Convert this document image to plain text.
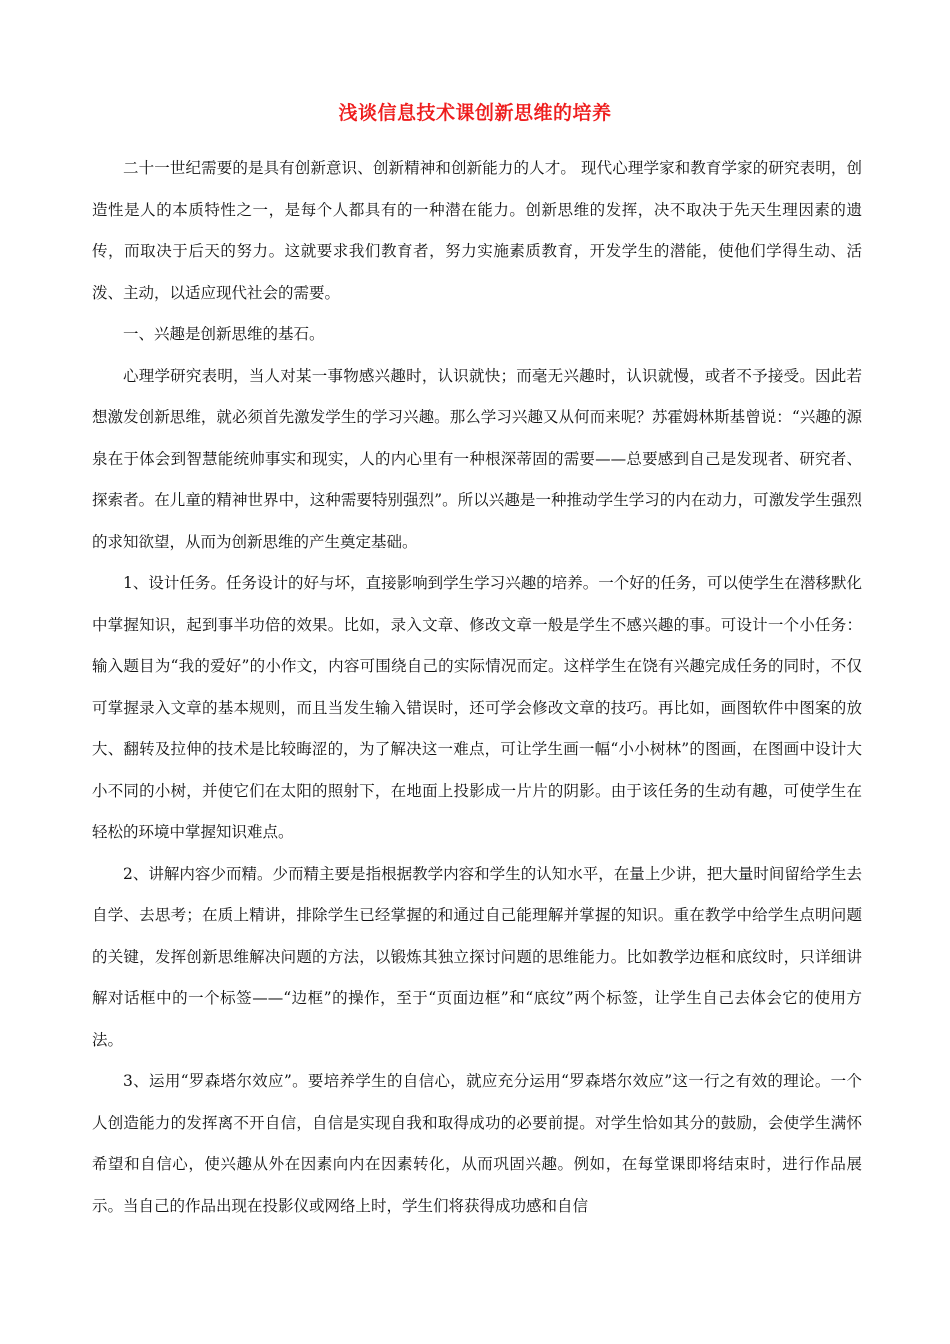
浅谈信息技术课创新思维的培养

二十一世纪需要的是具有创新意识、创新精神和创新能力的人才。 现代心理学家和教育学家的研究表明，创造性是人的本质特性之一，是每个人都具有的一种潜在能力。创新思维的发挥，决不取决于先天生理因素的遗传，而取决于后天的努力。这就要求我们教育者，努力实施素质教育，开发学生的潜能，使他们学得生动、活泼、主动，以适应现代社会的需要。

一、兴趣是创新思维的基石。

心理学研究表明，当人对某一事物感兴趣时，认识就快；而毫无兴趣时，认识就慢，或者不予接受。因此若想激发创新思维，就必须首先激发学生的学习兴趣。那么学习兴趣又从何而来呢？苏霍姆林斯基曾说：“兴趣的源泉在于体会到智慧能统帅事实和现实，人的内心里有一种根深蒂固的需要——总要感到自己是发现者、研究者、探索者。在儿童的精神世界中，这种需要特别强烈”。所以兴趣是一种推动学生学习的内在动力，可激发学生强烈的求知欲望，从而为创新思维的产生奠定基础。

1、设计任务。任务设计的好与坏，直接影响到学生学习兴趣的培养。一个好的任务，可以使学生在潜移默化中掌握知识，起到事半功倍的效果。比如，录入文章、修改文章一般是学生不感兴趣的事。可设计一个小任务：输入题目为“我的爱好”的小作文，内容可围绕自己的实际情况而定。这样学生在饶有兴趣完成任务的同时，不仅可掌握录入文章的基本规则，而且当发生输入错误时，还可学会修改文章的技巧。再比如，画图软件中图案的放大、翻转及拉伸的技术是比较晦涩的，为了解决这一难点，可让学生画一幅“小小树林”的图画，在图画中设计大小不同的小树，并使它们在太阳的照射下，在地面上投影成一片片的阴影。由于该任务的生动有趣，可使学生在轻松的环境中掌握知识难点。

2、讲解内容少而精。少而精主要是指根据教学内容和学生的认知水平，在量上少讲，把大量时间留给学生去自学、去思考；在质上精讲，排除学生已经掌握的和通过自己能理解并掌握的知识。重在教学中给学生点明问题的关键，发挥创新思维解决问题的方法，以锻炼其独立探讨问题的思维能力。比如教学边框和底纹时，只详细讲解对话框中的一个标签——“边框”的操作，至于“页面边框”和“底纹”两个标签，让学生自己去体会它的使用方法。

3、运用“罗森塔尔效应”。要培养学生的自信心，就应充分运用“罗森塔尔效应”这一行之有效的理论。一个人创造能力的发挥离不开自信，自信是实现自我和取得成功的必要前提。对学生恰如其分的鼓励，会使学生满怀希望和自信心，使兴趣从外在因素向内在因素转化，从而巩固兴趣。例如，在每堂课即将结束时，进行作品展示。当自己的作品出现在投影仪或网络上时，学生们将获得成功感和自信
